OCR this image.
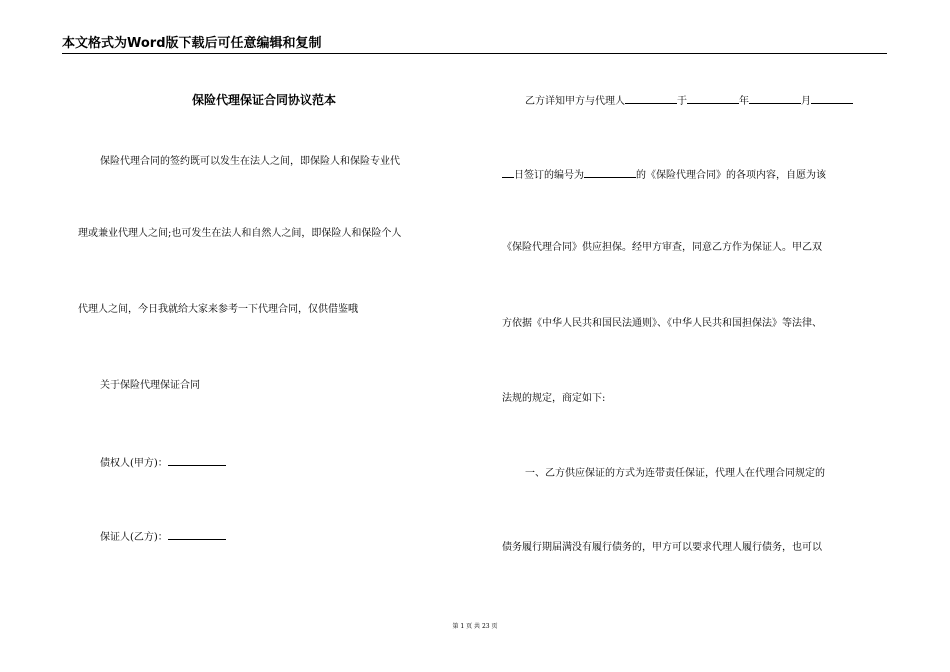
本文格式为Word版下载后可任意编辑和复制
保险代理保证合同协议范本
保险代理合同的签约既可以发生在法人之间，即保险人和保险专业代
理或兼业代理人之间;也可发生在法人和自然人之间，即保险人和保险个人
代理人之间，今日我就给大家来参考一下代理合同，仅供借鉴哦
关于保险代理保证合同
债权人(甲方)：
保证人(乙方)：
乙方详知甲方与代理人	于	年	月
日签订的编号为	的《保险代理合同》的各项内容，自愿为该
《保险代理合同》供应担保。经甲方审查，同意乙方作为保证人。甲乙双
方依据《中华人民共和国民法通则》、《中华人民共和国担保法》等法律、
法规的规定，商定如下:
一、乙方供应保证的方式为连带责任保证，代理人在代理合同规定的
债务履行期届满没有履行债务的，甲方可以要求代理人履行债务，也可以
第 1 页 共 23 页
